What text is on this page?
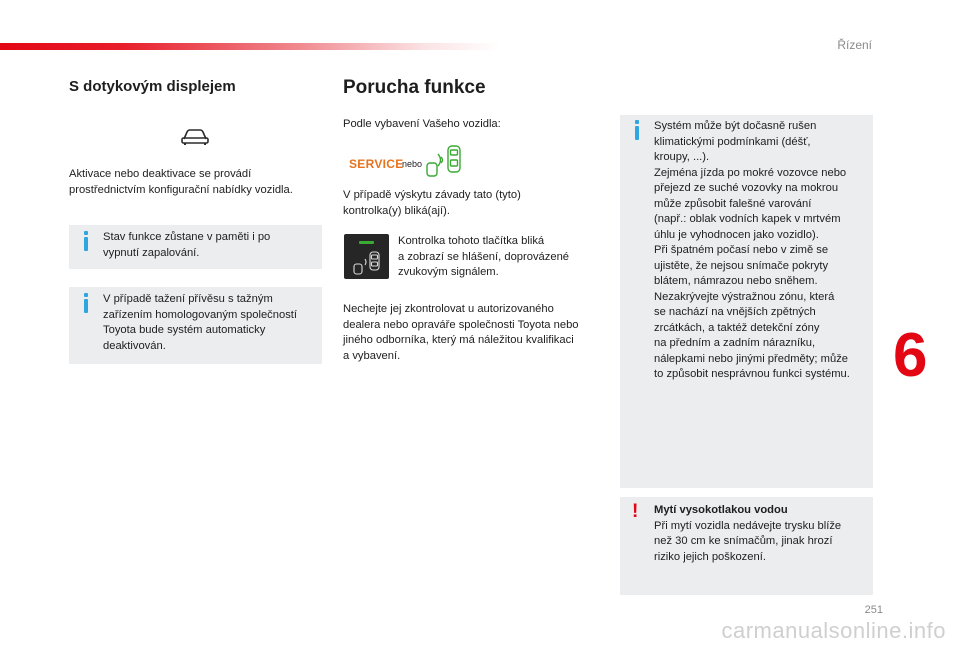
Řízení
S dotykovým displejem
Aktivace nebo deaktivace se provádí
prostřednictvím konfigurační nabídky vozidla.
Stav funkce zůstane v paměti i po
vypnutí zapalování.
V případě tažení přívěsu s tažným
zařízením homologovaným společností
Toyota bude systém automaticky
deaktivován.
Porucha funkce
Podle vybavení Vašeho vozidla:
SERVICE
nebo
V případě výskytu závady tato (tyto)
kontrolka(y) bliká(ají).
Kontrolka tohoto tlačítka bliká
a zobrazí se hlášení, doprovázené
zvukovým signálem.
Nechejte jej zkontrolovat u autorizovaného
dealera nebo opraváře společnosti Toyota nebo
jiného odborníka, který má náležitou kvalifikaci
a vybavení.
Systém může být dočasně rušen
klimatickými podmínkami (déšť,
kroupy, ...).
Zejména jízda po mokré vozovce nebo
přejezd ze suché vozovky na mokrou
může způsobit falešné varování
(např.: oblak vodních kapek v mrtvém
úhlu je vyhodnocen jako vozidlo).
Při špatném počasí nebo v zimě se
ujistěte, že nejsou snímače pokryty
blátem, námrazou nebo sněhem.
Nezakrývejte výstražnou zónu, která
se nachází na vnějších zpětných
zrcátkách, a taktéž detekční zóny
na předním a zadním nárazníku,
nálepkami nebo jinými předměty; může
to způsobit nesprávnou funkci systému.
! Mytí vysokotlakou vodou
Při mytí vozidla nedávejte trysku blíže
než 30 cm ke snímačům, jinak hrozí
riziko jejich poškození.
6
251
carmanualsonline.info
